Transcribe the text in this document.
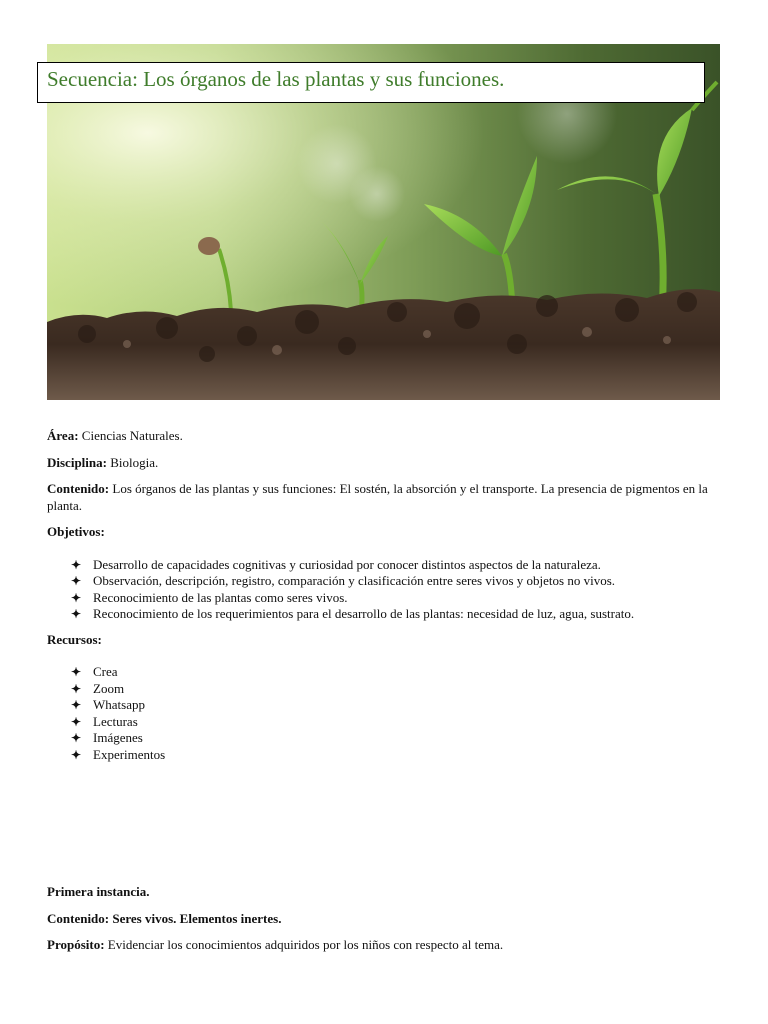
Secuencia: Los órganos de las plantas y sus funciones.

Área: Ciencias Naturales.

Disciplina: Biologia.

Contenido: Los órganos de las plantas y sus funciones: El sostén, la absorción y el transporte. La presencia de pigmentos en la planta.

Objetivos:

✦ Desarrollo de capacidades cognitivas y curiosidad por conocer distintos aspectos de la naturaleza.
✦ Observación, descripción, registro, comparación y clasificación entre seres vivos y objetos no vivos.
✦ Reconocimiento de las plantas como seres vivos.
✦ Reconocimiento de los requerimientos para el desarrollo de las plantas: necesidad de luz, agua, sustrato.

Recursos:

✦ Crea
✦ Zoom
✦ Whatsapp
✦ Lecturas
✦ Imágenes
✦ Experimentos

Primera instancia.

Contenido: Seres vivos. Elementos inertes.

Propósito: Evidenciar los conocimientos adquiridos por los niños con respecto al tema.
